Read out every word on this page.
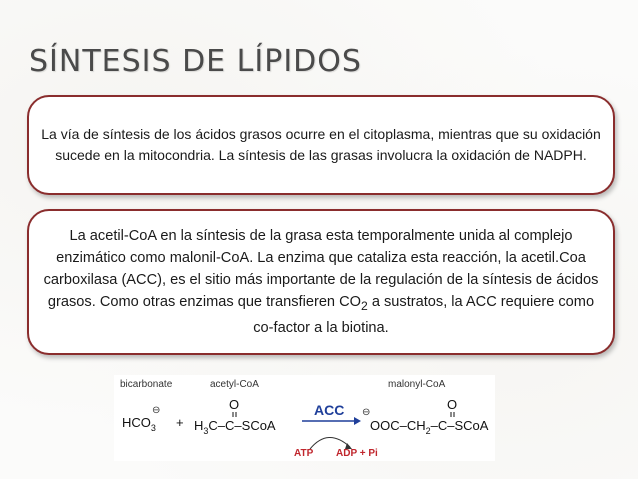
SÍNTESIS DE LÍPIDOS

La vía de síntesis de los ácidos grasos ocurre en el citoplasma, mientras que su oxidación sucede en la mitocondria. La síntesis de las grasas involucra la oxidación de NADPH.

La acetil-CoA en la síntesis de la grasa esta temporalmente unida al complejo enzimático como malonil-CoA. La enzima que cataliza esta reacción, la acetil.Coa carboxilasa (ACC), es el sitio más importante de la regulación de la síntesis de ácidos grasos. Como otras enzimas que transfieren $CO_2$ a sustratos, la ACC requiere como co-factor a la biotina.

bicarbonate	acetyl-CoA	malonyl-CoA
⊖
$HCO_3$ +
O
$H_3C-C$–SCoA
ACC
ATP ADP + Pi
⊖
O
OOC–$CH_2-C$–SCoA
